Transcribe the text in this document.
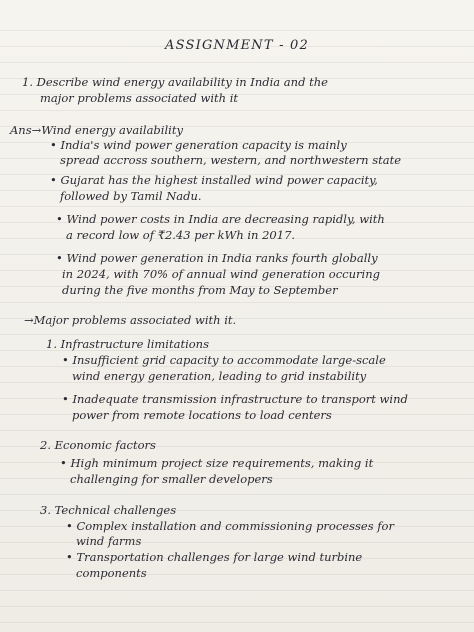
ASSIGNMENT - 02
1. Describe wind energy availability in India and the
major problems associated with it
Ans→Wind energy availability
• India's wind power generation capacity is mainly
spread accross southern, western, and northwestern state
• Gujarat has the highest installed wind power capacity,
followed by Tamil Nadu.
• Wind power costs in India are decreasing rapidly, with
a record low of ₹2.43 per kWh in 2017.
• Wind power generation in India ranks fourth globally
in 2024, with 70% of annual wind generation occuring
during the five months from May to September
→Major problems associated with it.
1. Infrastructure limitations
• Insufficient grid capacity to accommodate large-scale
wind energy generation, leading to grid instability
• Inadequate transmission infrastructure to transport wind
power from remote locations to load centers
2. Economic factors
• High minimum project size requirements, making it
challenging for smaller developers
3. Technical challenges
• Complex installation and commissioning processes for
wind farms
• Transportation challenges for large wind turbine
components
